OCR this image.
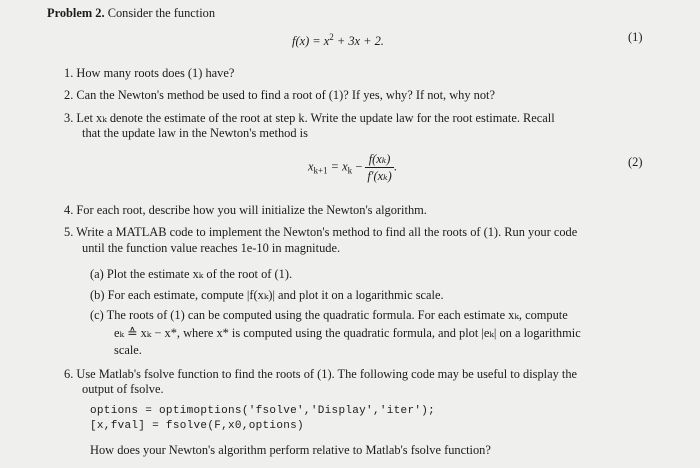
Problem 2. Consider the function
$f(x) = x^2 + 3x + 2$.	(1)
1. How many roots does (1) have?
2. Can the Newton's method be used to find a root of (1)? If yes, why? If not, why not?
3. Let xₖ denote the estimate of the root at step k. Write the update law for the root estimate. Recall
that the update law in the Newton's method is
$x_{k+1} = x_k - \frac{\text{f(xₖ)}}{\text{f′(xₖ)}}$ .	(2)
4. For each root, describe how you will initialize the Newton's algorithm.
5. Write a MATLAB code to implement the Newton's method to find all the roots of (1). Run your code
until the function value reaches 1e-10 in magnitude.
(a) Plot the estimate xₖ of the root of (1).
(b) For each estimate, compute |f(xₖ)| and plot it on a logarithmic scale.
(c) The roots of (1) can be computed using the quadratic formula. For each estimate xₖ, compute
eₖ ≙ xₖ − x*, where x* is computed using the quadratic formula, and plot |eₖ| on a logarithmic
scale.
6. Use Matlab's fsolve function to find the roots of (1). The following code may be useful to display the
output of fsolve.
options = optimoptions('fsolve','Display','iter');
[x,fval] = fsolve(F,x0,options)
How does your Newton's algorithm perform relative to Matlab's fsolve function?
